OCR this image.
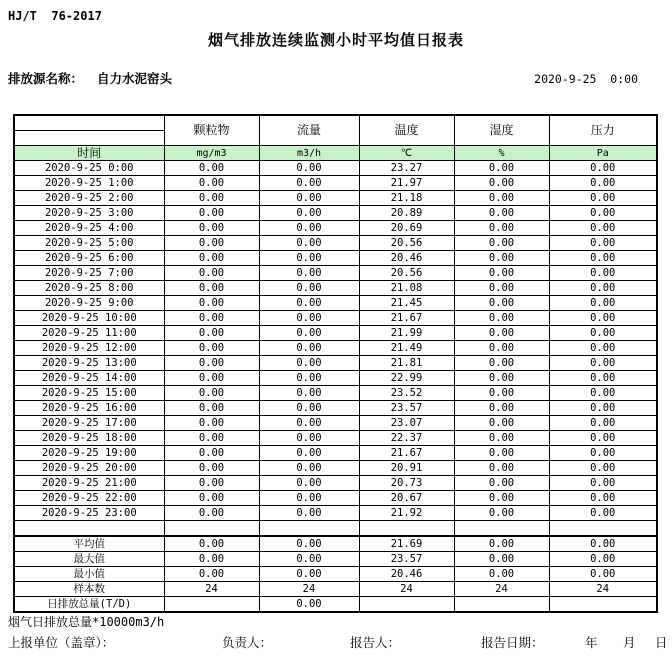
HJ/T  76-2017
烟气排放连续监测小时平均值日报表
排放源名称： 自力水泥窑头	2020-9-25  0:00
	颗粒物	流量	温度	湿度	压力

时间	mg/m3	m3/h	℃	%	Pa
2020-9-25 0:00	0.00	0.00	23.27	0.00	0.00
2020-9-25 1:00	0.00	0.00	21.97	0.00	0.00
2020-9-25 2:00	0.00	0.00	21.18	0.00	0.00
2020-9-25 3:00	0.00	0.00	20.89	0.00	0.00
2020-9-25 4:00	0.00	0.00	20.69	0.00	0.00
2020-9-25 5:00	0.00	0.00	20.56	0.00	0.00
2020-9-25 6:00	0.00	0.00	20.46	0.00	0.00
2020-9-25 7:00	0.00	0.00	20.56	0.00	0.00
2020-9-25 8:00	0.00	0.00	21.08	0.00	0.00
2020-9-25 9:00	0.00	0.00	21.45	0.00	0.00
2020-9-25 10:00	0.00	0.00	21.67	0.00	0.00
2020-9-25 11:00	0.00	0.00	21.99	0.00	0.00
2020-9-25 12:00	0.00	0.00	21.49	0.00	0.00
2020-9-25 13:00	0.00	0.00	21.81	0.00	0.00
2020-9-25 14:00	0.00	0.00	22.99	0.00	0.00
2020-9-25 15:00	0.00	0.00	23.52	0.00	0.00
2020-9-25 16:00	0.00	0.00	23.57	0.00	0.00
2020-9-25 17:00	0.00	0.00	23.07	0.00	0.00
2020-9-25 18:00	0.00	0.00	22.37	0.00	0.00
2020-9-25 19:00	0.00	0.00	21.67	0.00	0.00
2020-9-25 20:00	0.00	0.00	20.91	0.00	0.00
2020-9-25 21:00	0.00	0.00	20.73	0.00	0.00
2020-9-25 22:00	0.00	0.00	20.67	0.00	0.00
2020-9-25 23:00	0.00	0.00	21.92	0.00	0.00

平均值	0.00	0.00	21.69	0.00	0.00
最大值	0.00	0.00	23.57	0.00	0.00
最小值	0.00	0.00	20.46	0.00	0.00
样本数	24	24	24	24	24
日排放总量(T/D)		0.00			
烟气日排放总量*10000m3/h
上报单位（盖章）：	负责人：	报告人：	报告日期：	年 月 日
